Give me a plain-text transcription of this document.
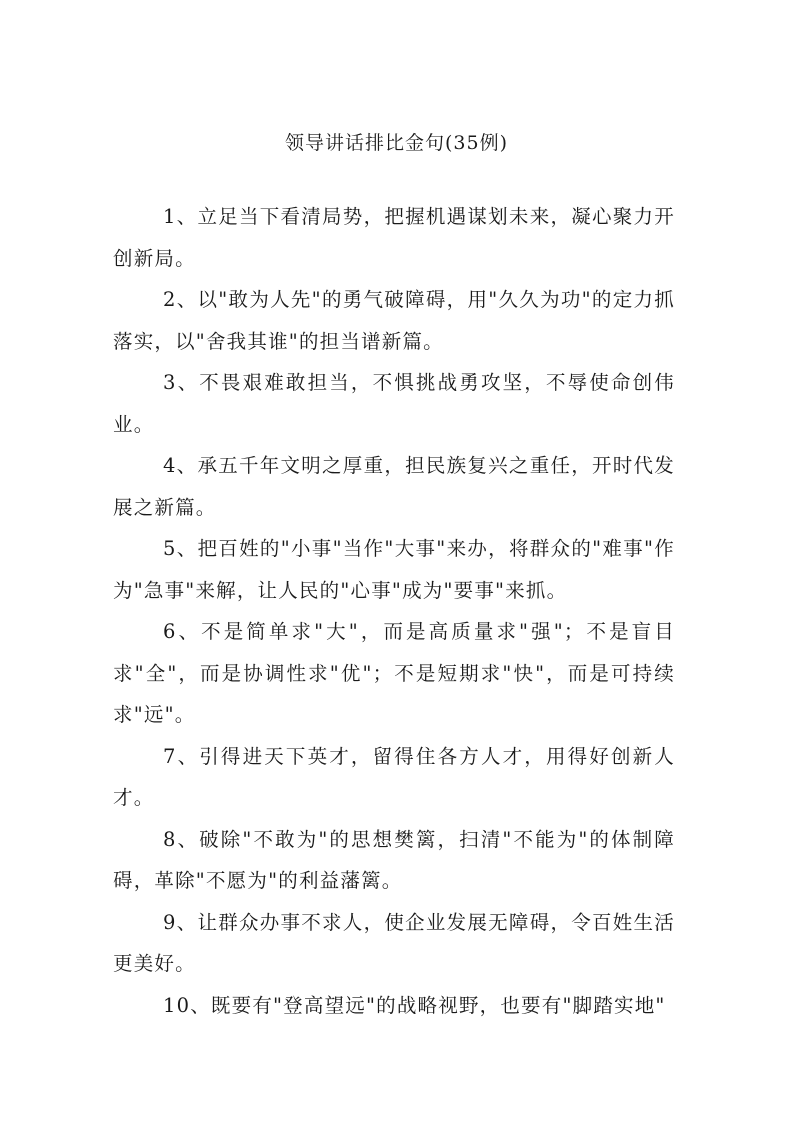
领导讲话排比金句(35例)

1、立足当下看清局势，把握机遇谋划未来，凝心聚力开创新局。

2、以"敢为人先"的勇气破障碍，用"久久为功"的定力抓落实，以"舍我其谁"的担当谱新篇。

3、不畏艰难敢担当，不惧挑战勇攻坚，不辱使命创伟业。

4、承五千年文明之厚重，担民族复兴之重任，开时代发展之新篇。

5、把百姓的"小事"当作"大事"来办，将群众的"难事"作为"急事"来解，让人民的"心事"成为"要事"来抓。

6、不是简单求"大"，而是高质量求"强"；不是盲目求"全"，而是协调性求"优"；不是短期求"快"，而是可持续求"远"。

7、引得进天下英才，留得住各方人才，用得好创新人才。

8、破除"不敢为"的思想樊篱，扫清"不能为"的体制障碍，革除"不愿为"的利益藩篱。

9、让群众办事不求人，使企业发展无障碍，令百姓生活更美好。

10、既要有"登高望远"的战略视野，也要有"脚踏实地"
